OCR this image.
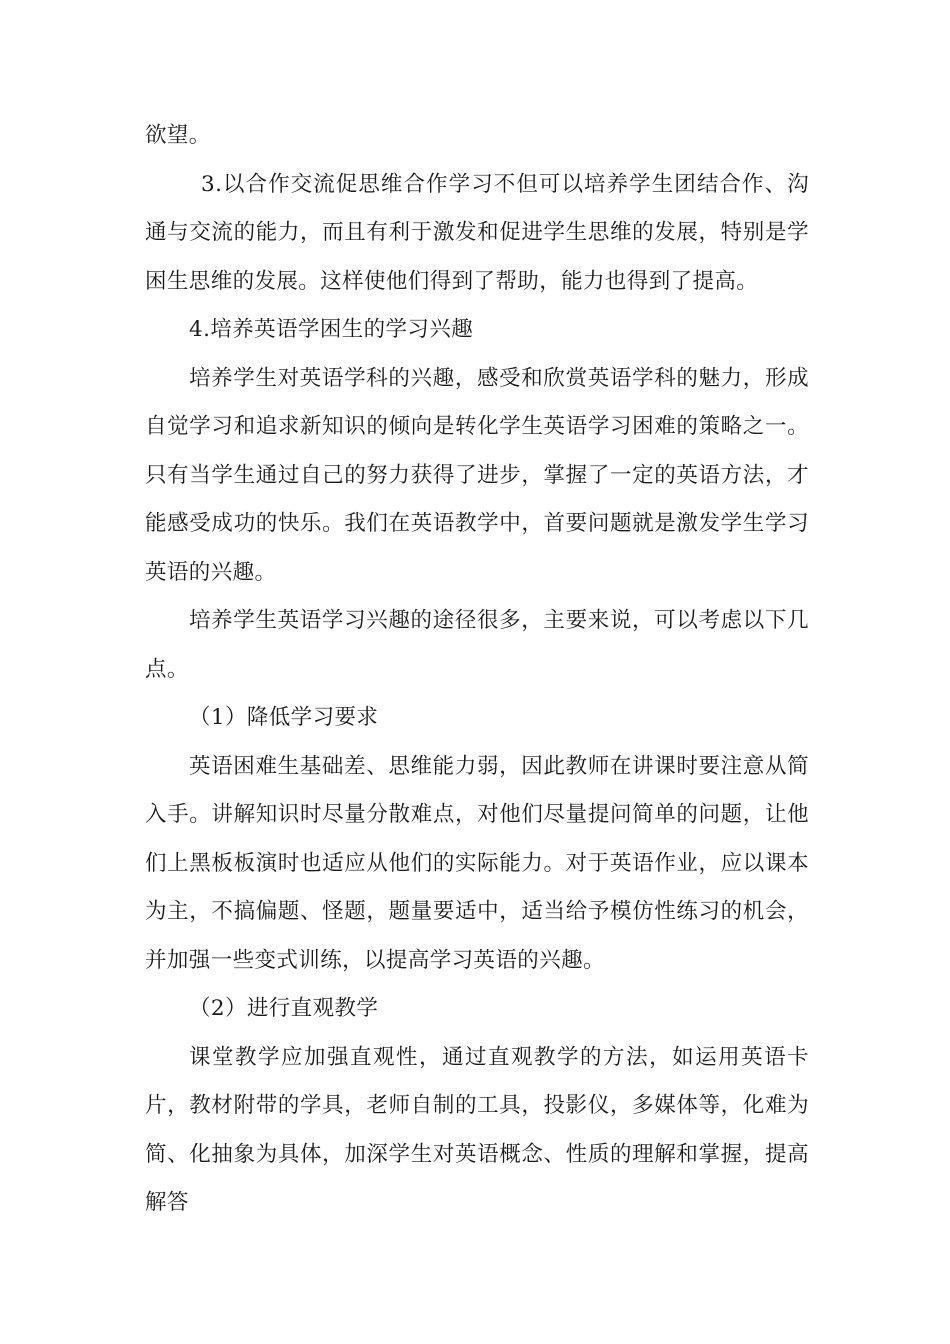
欲望。

3.以合作交流促思维合作学习不但可以培养学生团结合作、沟通与交流的能力，而且有利于激发和促进学生思维的发展，特别是学困生思维的发展。这样使他们得到了帮助，能力也得到了提高。

4.培养英语学困生的学习兴趣

培养学生对英语学科的兴趣，感受和欣赏英语学科的魅力，形成自觉学习和追求新知识的倾向是转化学生英语学习困难的策略之一。只有当学生通过自己的努力获得了进步，掌握了一定的英语方法，才能感受成功的快乐。我们在英语教学中，首要问题就是激发学生学习英语的兴趣。

培养学生英语学习兴趣的途径很多，主要来说，可以考虑以下几点。

（1）降低学习要求

英语困难生基础差、思维能力弱，因此教师在讲课时要注意从简入手。讲解知识时尽量分散难点，对他们尽量提问简单的问题，让他们上黑板板演时也适应从他们的实际能力。对于英语作业，应以课本为主，不搞偏题、怪题，题量要适中，适当给予模仿性练习的机会，并加强一些变式训练，以提高学习英语的兴趣。

（2）进行直观教学

课堂教学应加强直观性，通过直观教学的方法，如运用英语卡片，教材附带的学具，老师自制的工具，投影仪，多媒体等，化难为简、化抽象为具体，加深学生对英语概念、性质的理解和掌握，提高解答
